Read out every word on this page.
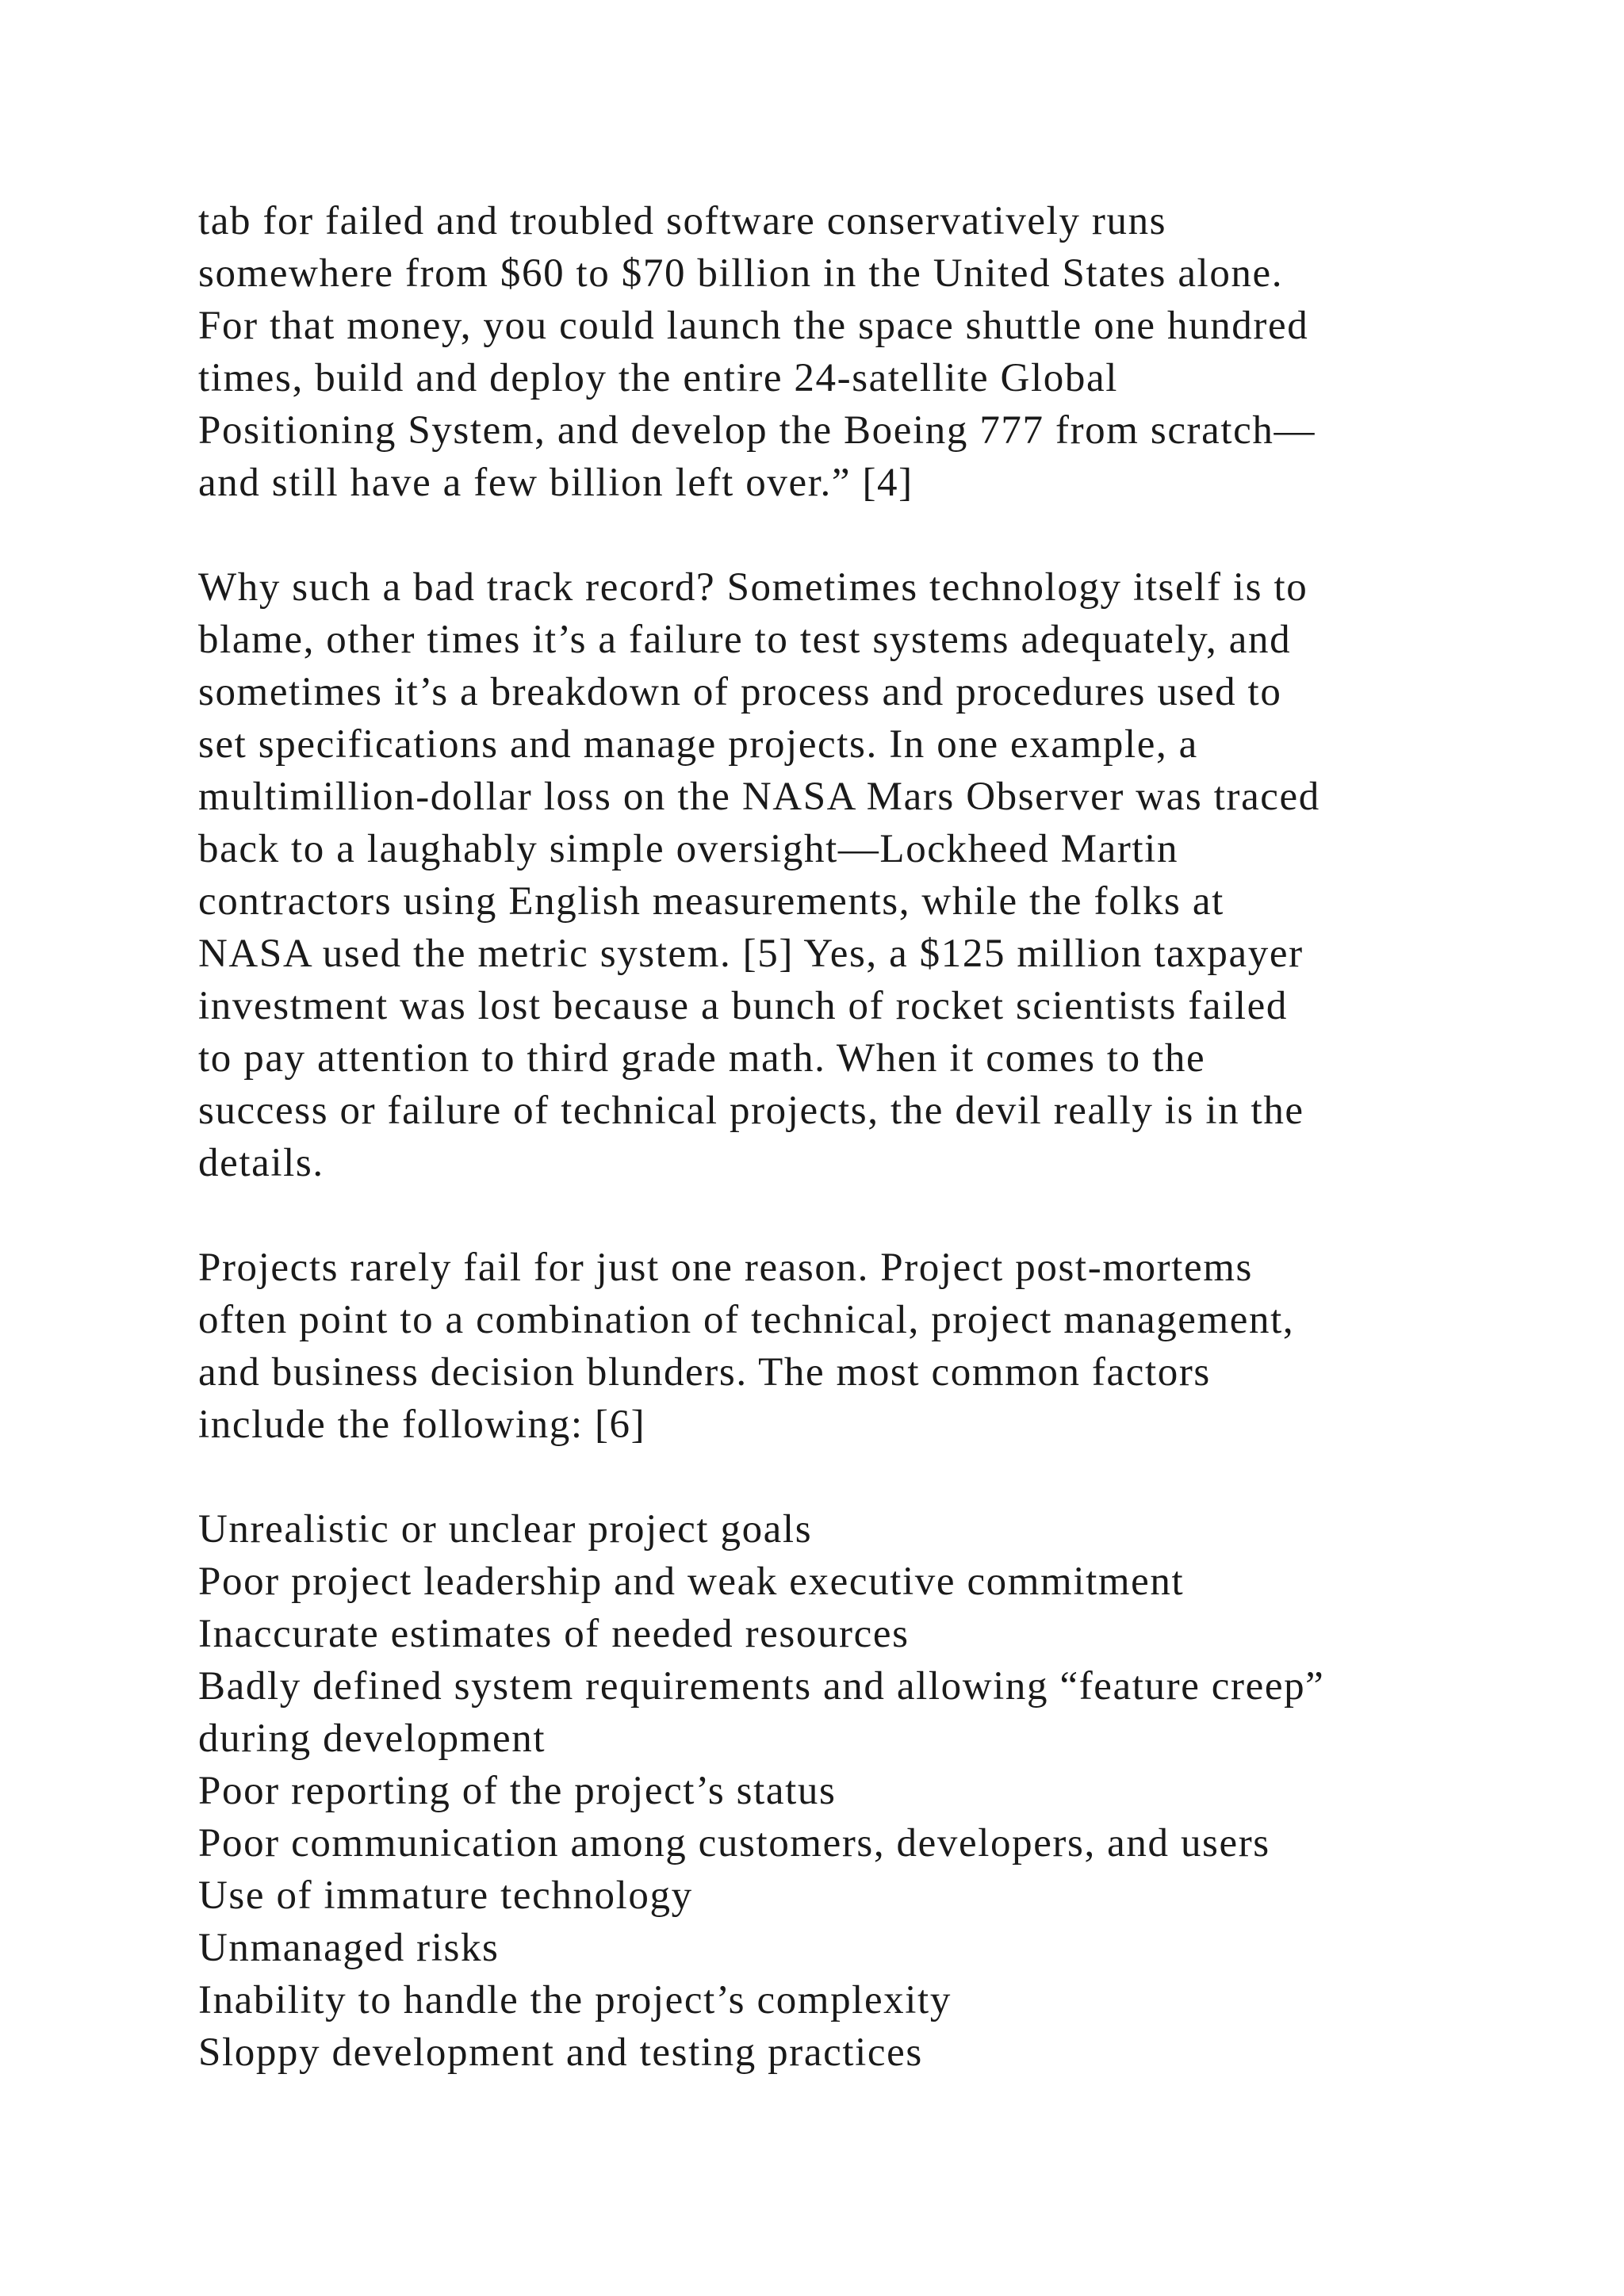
tab for failed and troubled software conservatively runs
somewhere from $60 to $70 billion in the United States alone.
For that money, you could launch the space shuttle one hundred
times, build and deploy the entire 24-satellite Global
Positioning System, and develop the Boeing 777 from scratch—
and still have a few billion left over.” [4]
Why such a bad track record? Sometimes technology itself is to
blame, other times it’s a failure to test systems adequately, and
sometimes it’s a breakdown of process and procedures used to
set specifications and manage projects. In one example, a
multimillion-dollar loss on the NASA Mars Observer was traced
back to a laughably simple oversight—Lockheed Martin
contractors using English measurements, while the folks at
NASA used the metric system. [5] Yes, a $125 million taxpayer
investment was lost because a bunch of rocket scientists failed
to pay attention to third grade math. When it comes to the
success or failure of technical projects, the devil really is in the
details.
Projects rarely fail for just one reason. Project post-mortems
often point to a combination of technical, project management,
and business decision blunders. The most common factors
include the following: [6]
Unrealistic or unclear project goals
Poor project leadership and weak executive commitment
Inaccurate estimates of needed resources
Badly defined system requirements and allowing “feature creep”
during development
Poor reporting of the project’s status
Poor communication among customers, developers, and users
Use of immature technology
Unmanaged risks
Inability to handle the project’s complexity
Sloppy development and testing practices
